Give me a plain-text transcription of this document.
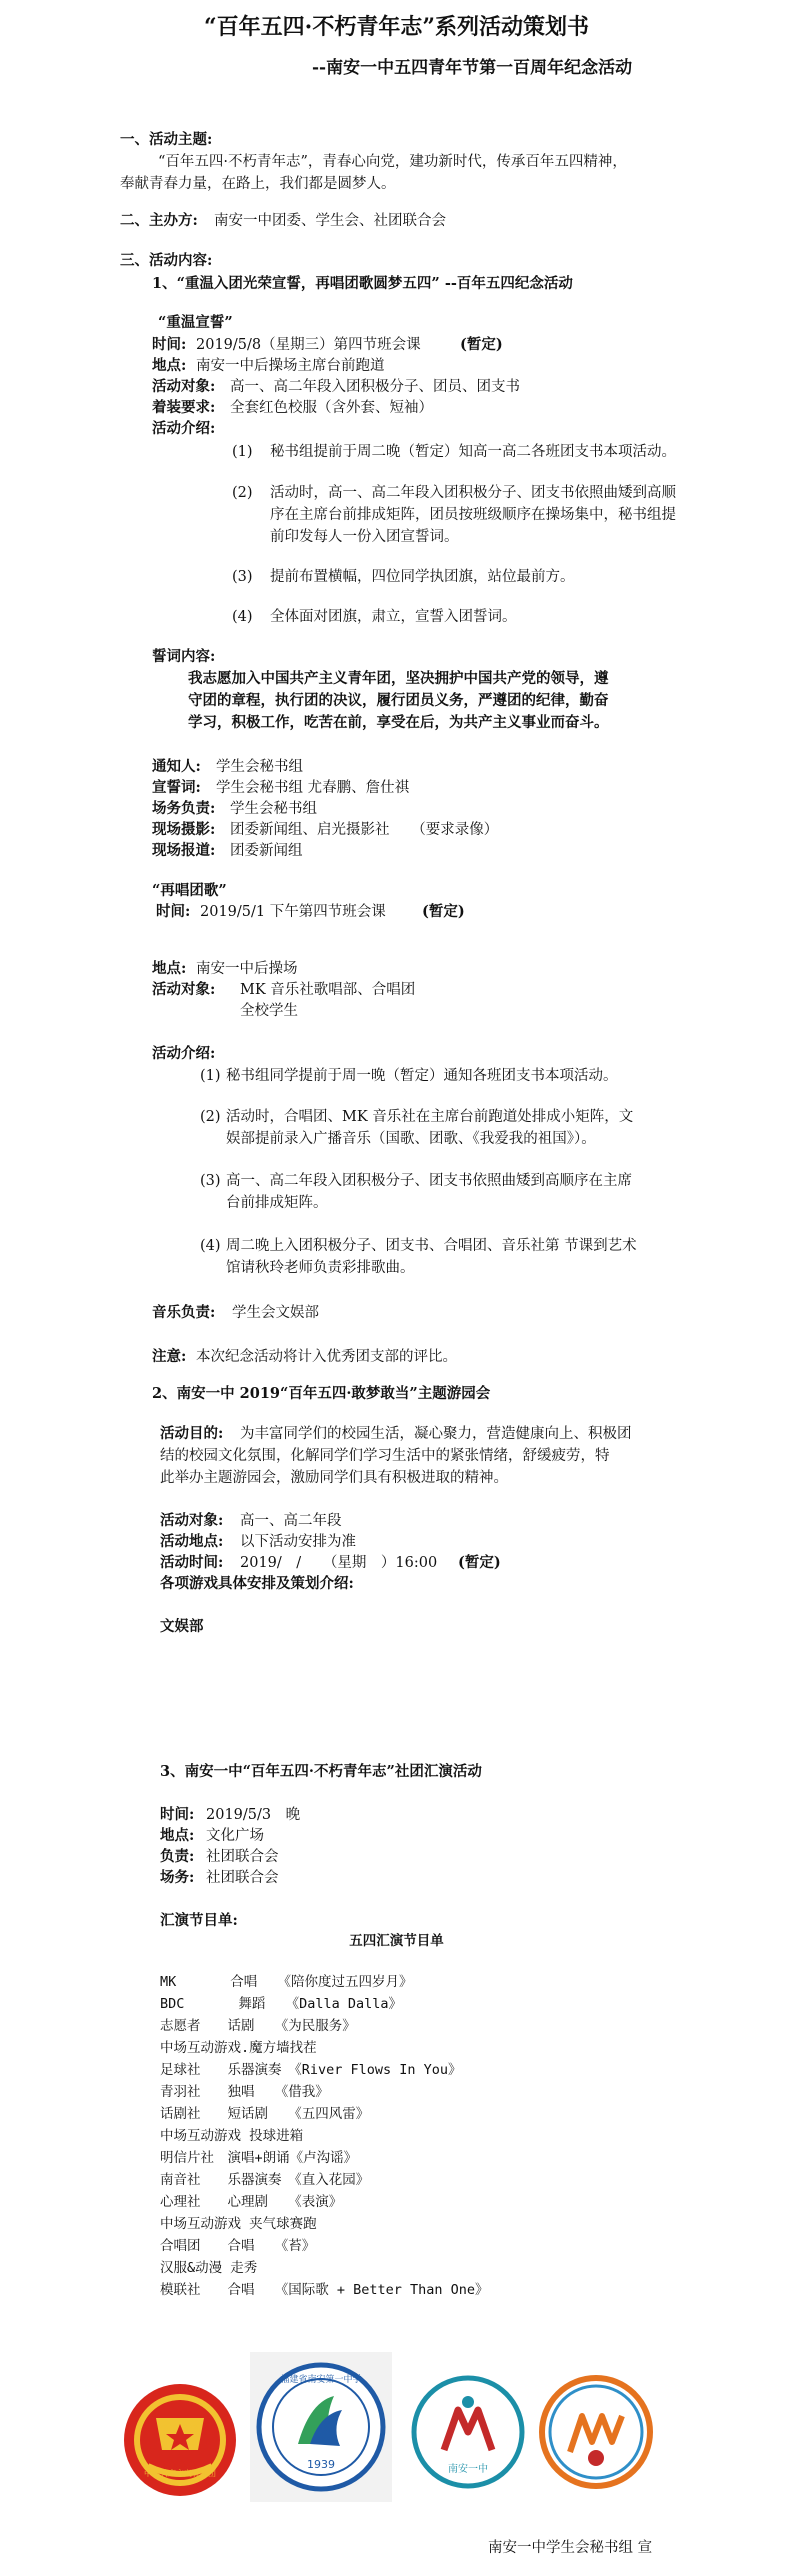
“百年五四·不朽青年志”系列活动策划书
--南安一中五四青年节第一百周年纪念活动
一、活动主题:
“百年五四·不朽青年志”，青春心向党，建功新时代，传承百年五四精神，
奉献青春力量，在路上，我们都是圆梦人。
二、主办方: 南安一中团委、学生会、社团联合会
三、活动内容:
1、“重温入团光荣宣誓，再唱团歌圆梦五四” --百年五四纪念活动
“重温宣誓”
时间: 2019/5/8（星期三）第四节班会课	(暂定)
地点: 南安一中后操场主席台前跑道
活动对象: 高一、高二年段入团积极分子、团员、团支书
着装要求: 全套红色校服（含外套、短袖）
活动介绍:
(1) 秘书组提前于周二晚（暂定）知高一高二各班团支书本项活动。
(2) 活动时，高一、高二年段入团积极分子、团支书依照曲矮到高顺
序在主席台前排成矩阵，团员按班级顺序在操场集中，秘书组提
前印发每人一份入团宣誓词。
(3) 提前布置横幅，四位同学执团旗，站位最前方。
(4) 全体面对团旗，肃立，宣誓入团誓词。
誓词内容:
我志愿加入中国共产主义青年团，坚决拥护中国共产党的领导，遵
守团的章程，执行团的决议，履行团员义务，严遵团的纪律，勤奋
学习，积极工作，吃苦在前，享受在后，为共产主义事业而奋斗。
通知人: 学生会秘书组
宣誓词: 学生会秘书组 尤春鹏、詹仕祺
场务负责: 学生会秘书组
现场摄影: 团委新闻组、启光摄影社　　（要求录像）
现场报道: 团委新闻组
“再唱团歌”
时间: 2019/5/1 下午第四节班会课	(暂定)
地点: 南安一中后操场
活动对象: MK 音乐社歌唱部、合唱团
全校学生
活动介绍:
(1) 秘书组同学提前于周一晚（暂定）通知各班团支书本项活动。
(2) 活动时，合唱团、MK 音乐社在主席台前跑道处排成小矩阵，文
娱部提前录入广播音乐（国歌、团歌、《我爱我的祖国》）。
(3) 高一、高二年段入团积极分子、团支书依照曲矮到高顺序在主席
台前排成矩阵。
(4) 周二晚上入团积极分子、团支书、合唱团、音乐社第 节课到艺术
馆请秋玲老师负责彩排歌曲。
音乐负责: 学生会文娱部
注意: 本次纪念活动将计入优秀团支部的评比。
2、南安一中 2019“百年五四·敢梦敢当”主题游园会
活动目的: 为丰富同学们的校园生活，凝心聚力，营造健康向上、积极团
结的校园文化氛围，化解同学们学习生活中的紧张情绪，舒缓疲劳，特
此举办主题游园会，激励同学们具有积极进取的精神。
活动对象: 高一、高二年段
活动地点: 以下活动安排为准
活动时间: 2019/　/　　（星期　）16:00 (暂定)
各项游戏具体安排及策划介绍:
文娱部
3、南安一中“百年五四·不朽青年志”社团汇演活动
时间: 2019/5/3　晚
地点: 文化广场
负责: 社团联合会
场务: 社团联合会
汇演节目单:
五四汇演节目单
MK　　　　合唱　　《陪你度过五四岁月》
BDC　　　　舞蹈　　《Dalla Dalla》
志愿者　　话剧　　《为民服务》
中场互动游戏.魔方墙找茬
足球社　　乐器演奏　《River Flows In You》
青羽社　　独唱　　《借我》
话剧社　　短话剧　　《五四风雷》
中场互动游戏 投球进箱
明信片社　演唱+朗诵《卢沟谣》
南音社　　乐器演奏　《直入花园》
心理社　　心理剧　　《表演》
中场互动游戏 夹气球赛跑
合唱团　　合唱　　《苔》
汉服&动漫 走秀
模联社　　合唱　　《国际歌 + Better Than One》
中国共产主义青年团
福建省南安第一中学
1939	南安一中
南安一中学生会秘书组 宣
